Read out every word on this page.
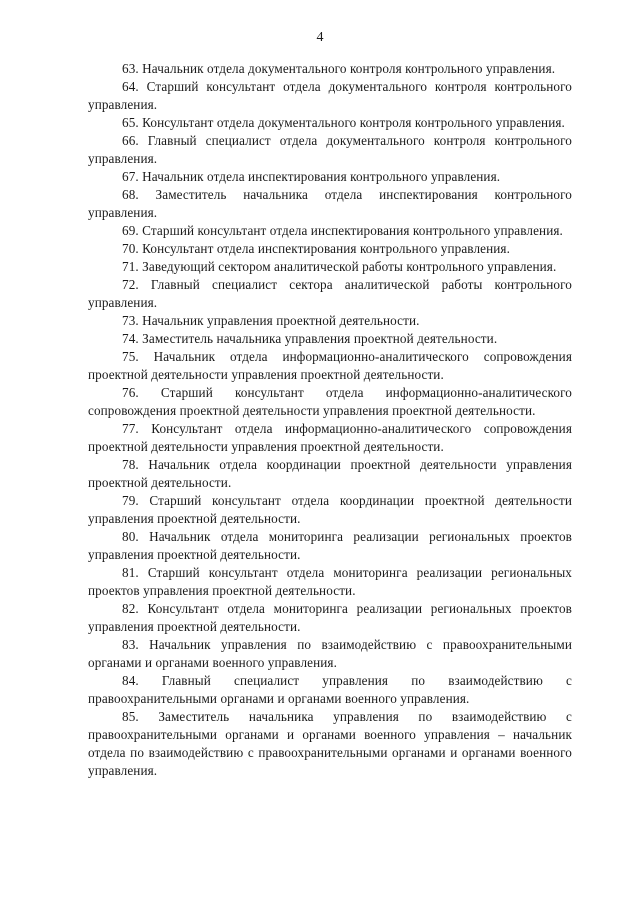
4

63. Начальник отдела документального контроля контрольного управления.

64. Старший консультант отдела документального контроля контрольного управления.

65. Консультант отдела документального контроля контрольного управления.

66. Главный специалист отдела документального контроля контрольного управления.

67. Начальник отдела инспектирования контрольного управления.

68. Заместитель начальника отдела инспектирования контрольного управления.

69. Старший консультант отдела инспектирования контрольного управления.

70. Консультант отдела инспектирования контрольного управления.

71. Заведующий сектором аналитической работы контрольного управления.

72. Главный специалист сектора аналитической работы контрольного управления.

73. Начальник управления проектной деятельности.

74. Заместитель начальника управления проектной деятельности.

75. Начальник отдела информационно-аналитического сопровождения проектной деятельности управления проектной деятельности.

76. Старший консультант отдела информационно-аналитического сопровождения проектной деятельности управления проектной деятельности.

77. Консультант отдела информационно-аналитического сопровождения проектной деятельности управления проектной деятельности.

78. Начальник отдела координации проектной деятельности управления проектной деятельности.

79. Старший консультант отдела координации проектной деятельности управления проектной деятельности.

80. Начальник отдела мониторинга реализации региональных проектов управления проектной деятельности.

81. Старший консультант отдела мониторинга реализации региональных проектов управления проектной деятельности.

82. Консультант отдела мониторинга реализации региональных проектов управления проектной деятельности.

83. Начальник управления по взаимодействию с правоохранительными органами и органами военного управления.

84. Главный специалист управления по взаимодействию с правоохранительными органами и органами военного управления.

85. Заместитель начальника управления по взаимодействию с правоохранительными органами и органами военного управления – начальник отдела по взаимодействию с правоохранительными органами и органами военного управления.
